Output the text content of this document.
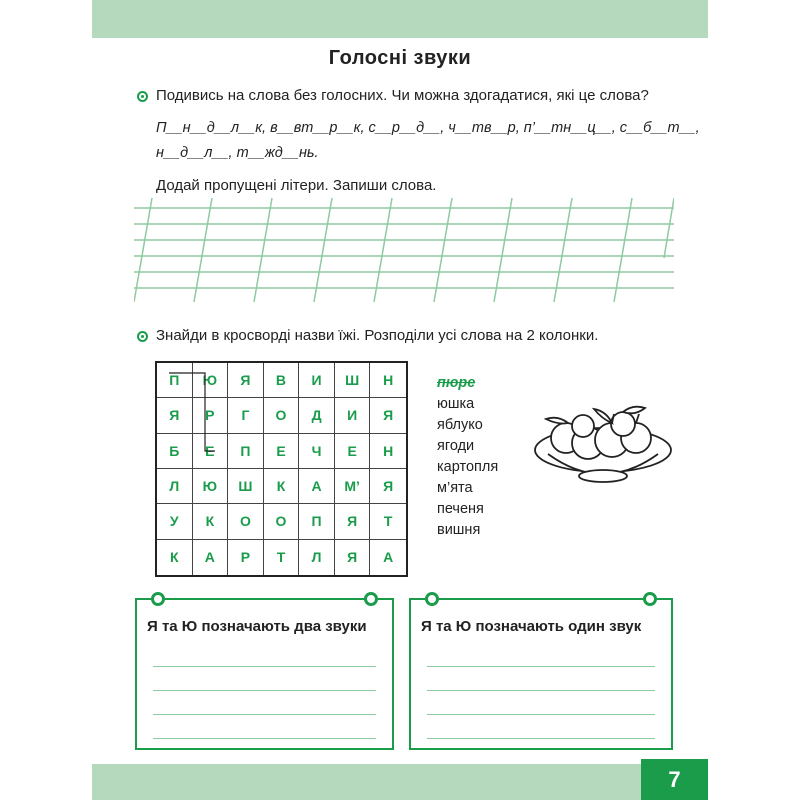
Голосні звуки
Подивись на слова без голосних. Чи можна здогадатися, які це слова?
П__н__д__л__к, в__вт__р__к, с__р__д__, ч__тв__р, п’__тн__ц__, с__б__т__,
н__д__л__, т__жд__нь.
Додай пропущені літери. Запиши слова.
Знайди в кросворді назви їжі. Розподіли усі слова на 2 колонки.
П	Ю	Я	В	И	Ш	Н
Я	Р	Г	О	Д	И	Я
Б	Е	П	Е	Ч	Е	Н
Л	Ю	Ш	К	А	М’	Я
У	К	О	О	П	Я	Т
К	А	Р	Т	Л	Я	А
пюре
юшка
яблуко
ягоди
картопля
м’ята
печеня
вишня
Я та Ю позначають два звуки	Я та Ю позначають один звук
7
